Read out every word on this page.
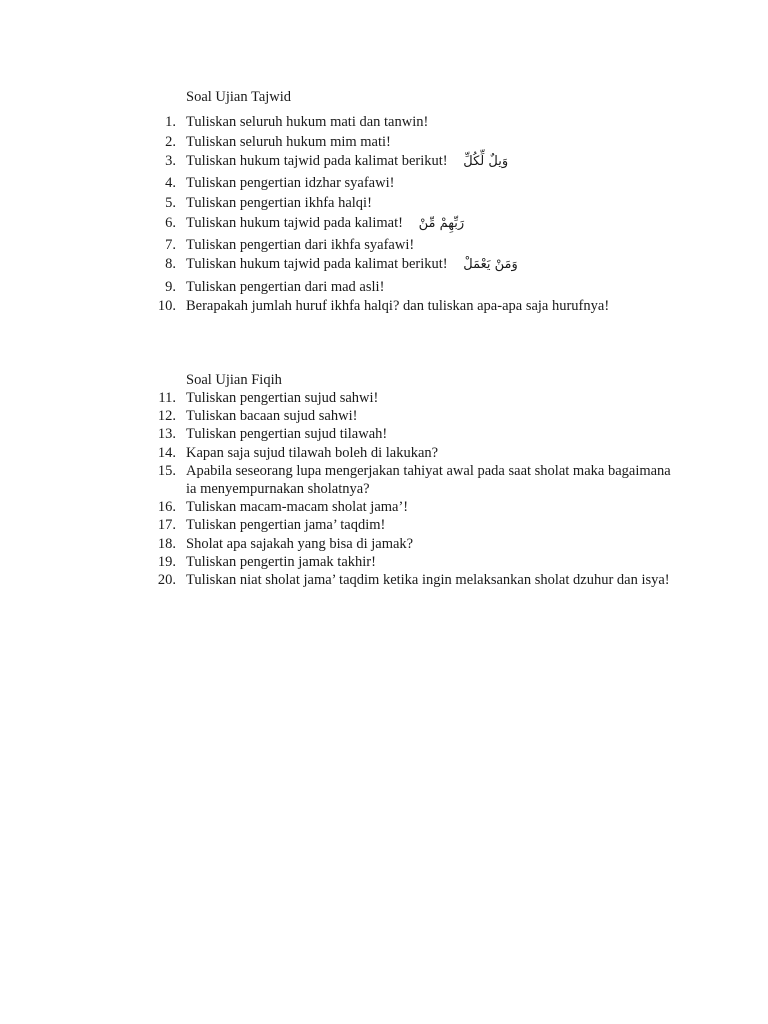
Soal Ujian Tajwid
1. Tuliskan seluruh hukum mati dan tanwin!
2. Tuliskan seluruh hukum mim mati!
3. Tuliskan hukum tajwid pada kalimat berikut! وَيلٌ لِّكُلِّ
4. Tuliskan pengertian idzhar syafawi!
5. Tuliskan pengertian ikhfa halqi!
6. Tuliskan hukum tajwid pada kalimat! رَبِّهِمْ مِّنْ
7. Tuliskan pengertian dari ikhfa syafawi!
8. Tuliskan hukum tajwid pada kalimat berikut! وَمَنْ يَعْمَلْ
9. Tuliskan pengertian dari mad asli!
10. Berapakah jumlah huruf ikhfa halqi? dan tuliskan apa-apa saja hurufnya!
Soal Ujian Fiqih
11. Tuliskan pengertian sujud sahwi!
12. Tuliskan bacaan sujud sahwi!
13. Tuliskan pengertian sujud tilawah!
14. Kapan saja sujud tilawah boleh di lakukan?
15. Apabila seseorang lupa mengerjakan tahiyat awal pada saat sholat maka bagaimana ia menyempurnakan sholatnya?
16. Tuliskan macam-macam sholat jama’!
17. Tuliskan pengertian jama’ taqdim!
18. Sholat apa sajakah yang bisa di jamak?
19. Tuliskan pengertin jamak takhir!
20. Tuliskan niat sholat jama’ taqdim ketika ingin melaksankan sholat dzuhur dan isya!
